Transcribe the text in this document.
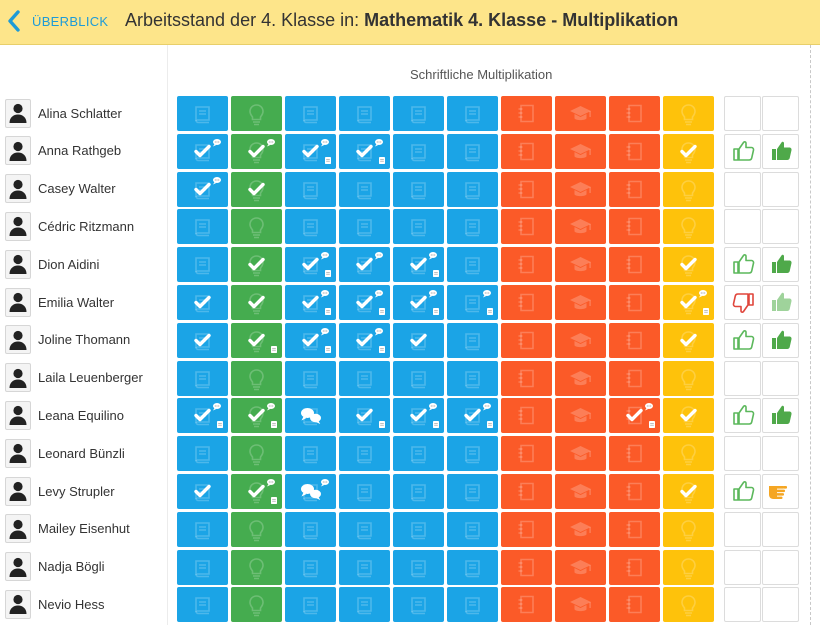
ÜBERBLICK Arbeitsstand der 4. Klasse in: Mathematik 4. Klasse - Multiplikation
Schriftliche Multiplikation
Alina Schlatter
Anna Rathgeb
Casey Walter
Cédric Ritzmann
Dion Aidini
Emilia Walter
Joline Thomann
Laila Leuenberger
Leana Equilino
Leonard Bünzli
Levy Strupler
Mailey Eisenhut
Nadja Bögli
Nevio Hess
